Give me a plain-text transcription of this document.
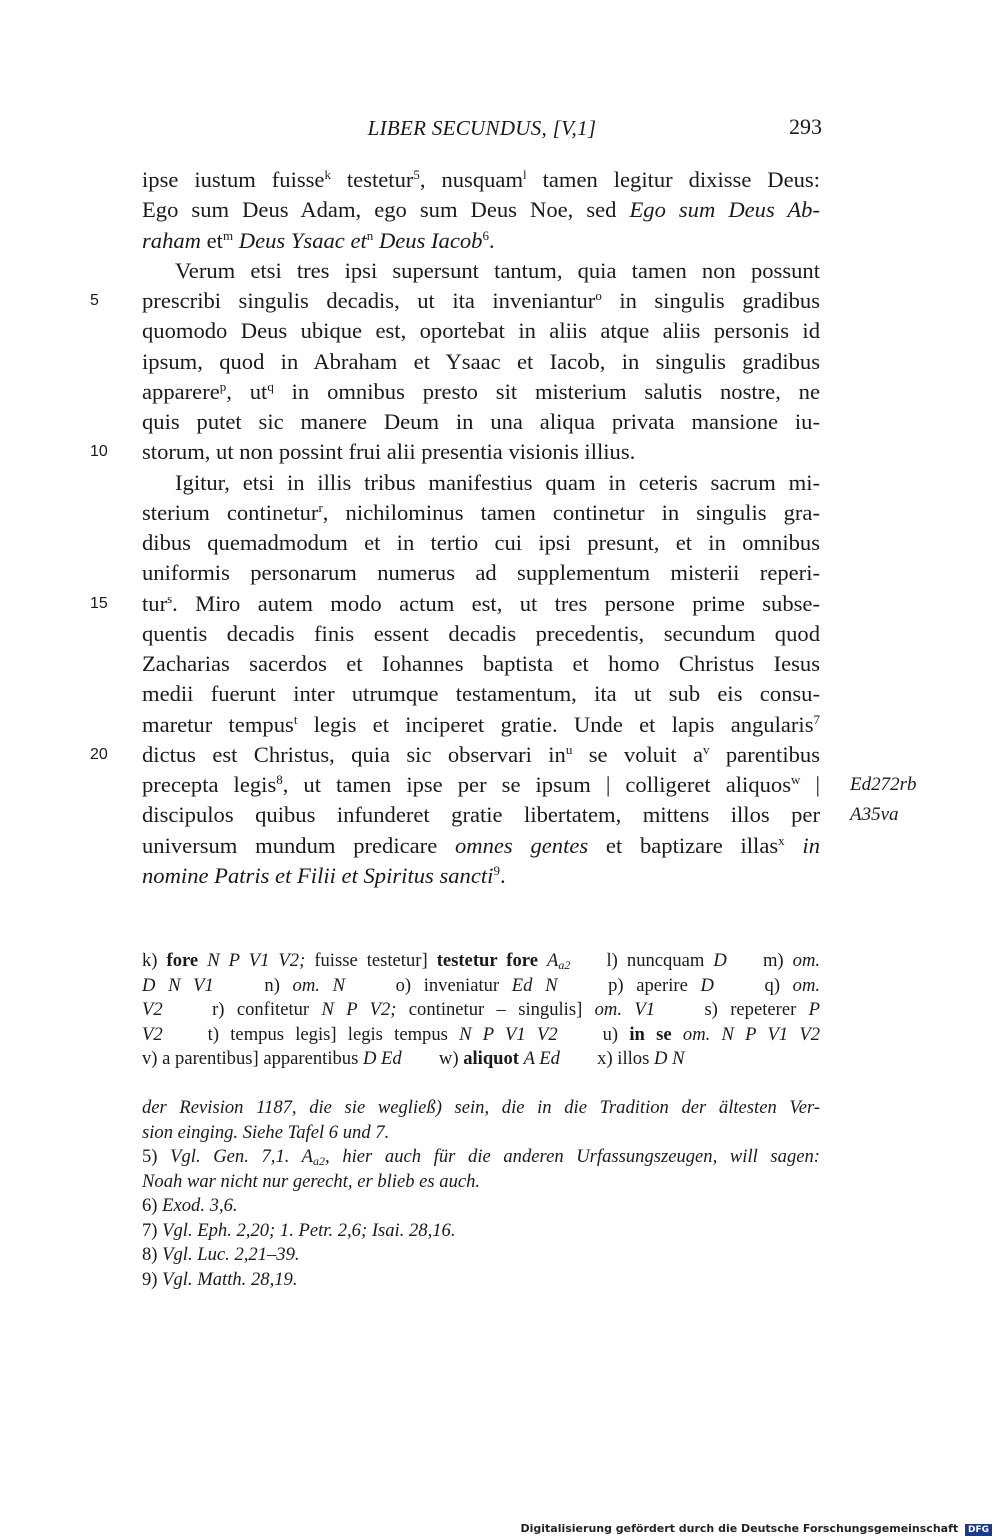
LIBER SECUNDUS, [V,1]	293
ipse iustum fuisse$^k$ testetur$^5$, nusquam$^l$ tamen legitur dixisse Deus:
Ego sum Deus Adam, ego sum Deus Noe, sed Ego sum Deus Ab-
raham $et^m$ Deus Ysaac $et^n$ Deus Iacob$^6$.
Verum etsi tres ipsi supersunt tantum, quia tamen non possunt
5 prescribi singulis decadis, ut ita inveniantur$^o$ in singulis gradibus
quomodo Deus ubique est, oportebat in aliis atque aliis personis id
ipsum, quod in Abraham et Ysaac et Iacob, in singulis gradibus
apparere$^p$, $ut^q$ in omnibus presto sit misterium salutis nostre, ne
quis putet sic manere Deum in una aliqua privata mansione iu-
10 storum, ut non possint frui alii presentia visionis illius.
Igitur, etsi in illis tribus manifestius quam in ceteris sacrum mi-
sterium continetur$^r$, nichilominus tamen continetur in singulis gra-
dibus quemadmodum et in tertio cui ipsi presunt, et in omnibus
uniformis personarum numerus ad supplementum misterii reperi-
15 tur$^s$. Miro autem modo actum est, ut tres persone prime subse-
quentis decadis finis essent decadis precedentis, secundum quod
Zacharias sacerdos et Iohannes baptista et homo Christus Iesus
medii fuerunt inter utrumque testamentum, ita ut sub eis consu-
maretur tempus$^t$ legis et inciperet gratie. Unde et lapis angularis$^7$
20 dictus est Christus, quia sic observari $in^u$ se voluit $a^v$ parentibus
precepta legis$^8$, ut tamen ipse per se ipsum | colligeret aliquos$^w$ | Ed272rb
discipulos quibus infunderet gratie libertatem, mittens illos per A35va
universum mundum predicare omnes gentes et baptizare illas$^x$ in
nomine Patris et Filii et Spiritus sancti$^9$.
k) fore N P V1 V2; fuisse testetur] testetur fore $A_{a2}$    l) nuncquam D    m) om.
D N V1    n) om. N    o) inveniatur Ed N    p) aperire D    q) om.
V2    r) confitetur N P V2; continetur – singulis] om. V1    s) repeterer P
V2    t) tempus legis] legis tempus N P V1 V2    u) in se om. N P V1 V2
v) a parentibus] apparentibus D Ed        w) aliquot A Ed        x) illos D N
der Revision 1187, die sie wegließ) sein, die in die Tradition der ältesten Ver-
sion einging. Siehe Tafel 6 und 7.
5) Vgl. Gen. 7,1. $A_{a2}$, hier auch für die anderen Urfassungszeugen, will sagen:
Noah war nicht nur gerecht, er blieb es auch.
6) Exod. 3,6.
7) Vgl. Eph. 2,20; 1. Petr. 2,6; Isai. 28,16.
8) Vgl. Luc. 2,21–39.
9) Vgl. Matth. 28,19.
Digitalisierung gefördert durch die Deutsche Forschungsgemeinschaft DFG
